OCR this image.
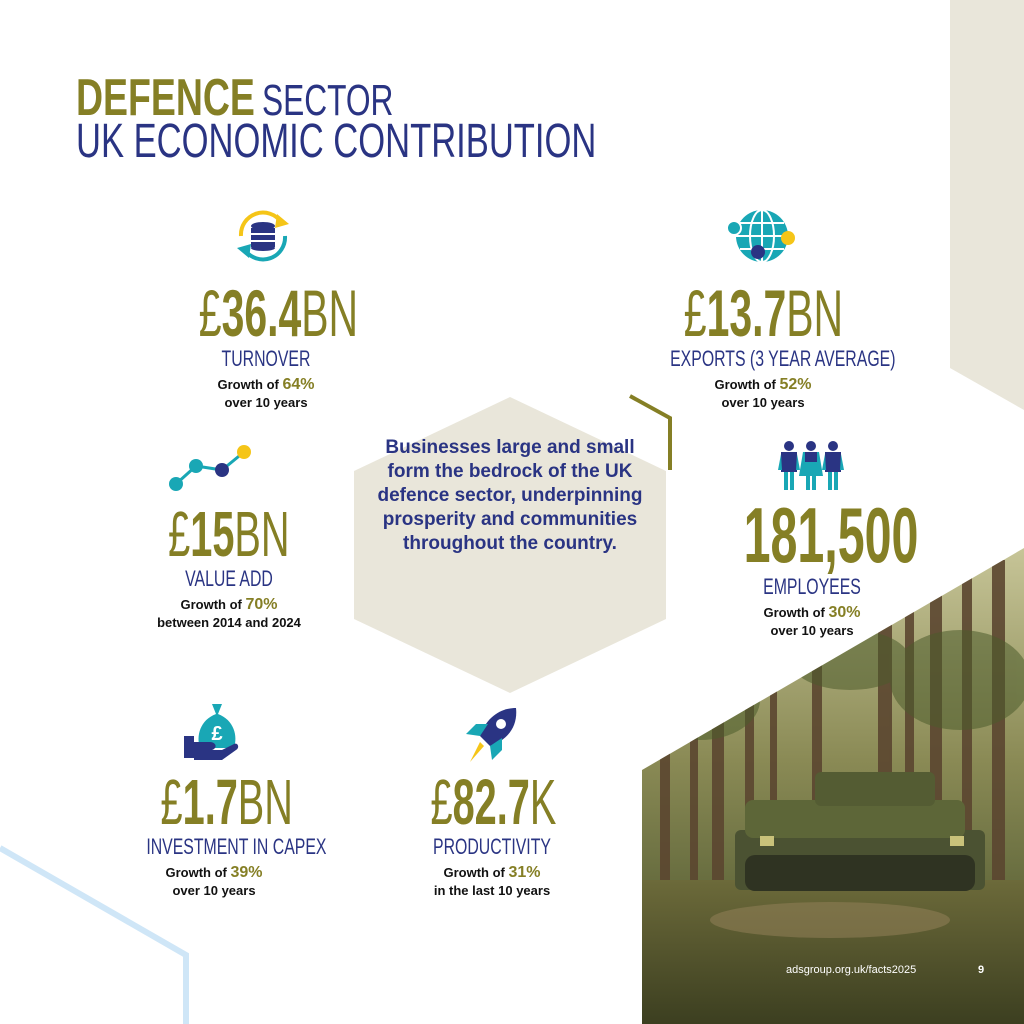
DEFENCE SECTOR
UK ECONOMIC CONTRIBUTION
Businesses large and small form the bedrock of the UK defence sector, underpinning prosperity and communities throughout the country.
£36.4BN
TURNOVER
Growth of 64%
over 10 years
£13.7BN
EXPORTS (3 YEAR AVERAGE)
Growth of 52%
over 10 years
£15BN
VALUE ADD
Growth of 70%
between 2014 and 2024
181,500
EMPLOYEES
Growth of 30%
over 10 years
£
£1.7BN
INVESTMENT IN CAPEX
Growth of 39%
over 10 years
£82.7K
PRODUCTIVITY
Growth of 31%
in the last 10 years
adsgroup.org.uk/facts2025	9
